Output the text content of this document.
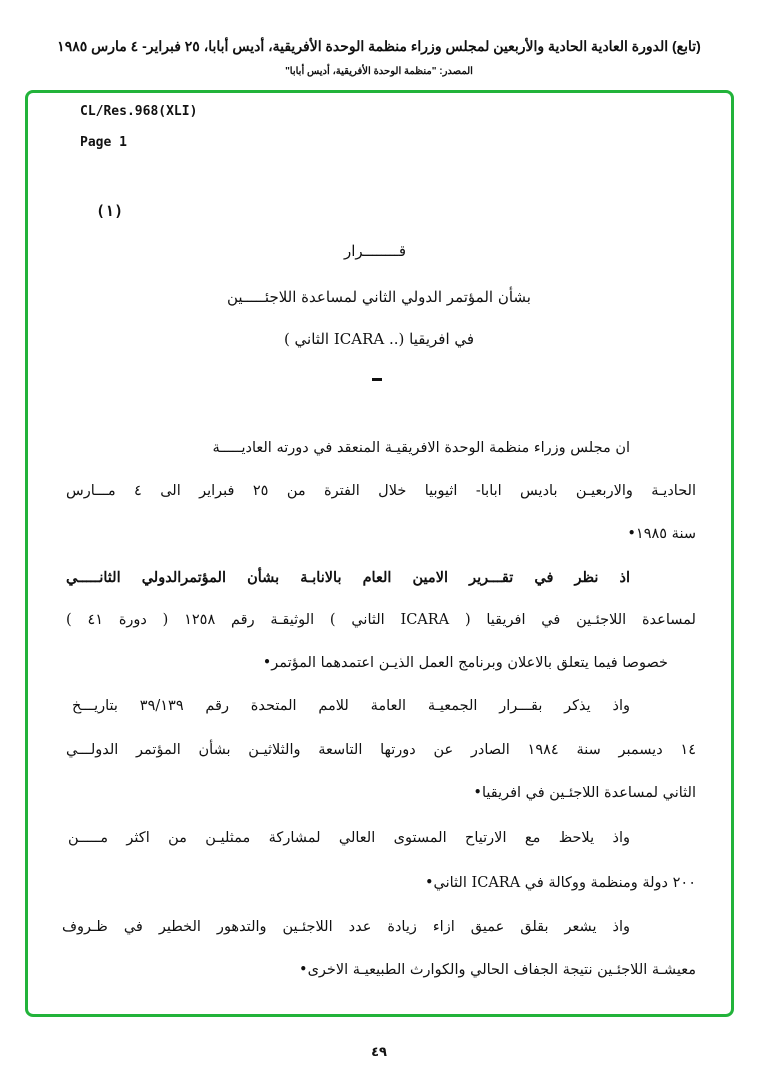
(تابع) الدورة العادية الحادية والأربعين لمجلس وزراء منظمة الوحدة الأفريقية، أديس أبابا، ٢٥ فبراير- ٤ مارس ١٩٨٥
المصدر: "منظمة الوحدة الأفريقية، أديس أبابا"
CL/Res.968(XLI)
Page 1
(١)
قــــــــرار
بشأن المؤتمر الدولي الثاني لمساعدة اللاجئـــــين
في افريقيا (.. ICARA الثاني )
ان مجلس وزراء منظمة الوحدة الافريقيـة المنعقد في دورته العاديـــــة
الحاديـة والاربعيـن باديس ابابا- اثيوبيا خلال الفترة من ٢٥ فبراير الى ٤ مـــارس
سنة ١٩٨٥•
اذ نظر في تقـــرير الامين العام بالانابـة بشأن المؤتمرالدولي الثانـــــي
لمساعدة اللاجئـين في افريقيا ( ICARA الثاني ) الوثيقـة رقم ١٢٥٨ ( دورة ٤١ )
خصوصا فيما يتعلق بالاعلان وبرنامج العمل الذيـن اعتمدهما المؤتمر•
واذ يذكر بقـــرار الجمعيـة العامة للامم المتحدة رقم ٣٩/١٣٩ بتاريـــخ
١٤ ديسمبر سنة ١٩٨٤ الصادر عن دورتها التاسعة والثلاثيـن بشأن المؤتمر الدولـــي
الثاني لمساعدة اللاجئـين في افريقيا•
واذ يلاحظ مع الارتياح المستوى العالي لمشاركة ممثليـن من اكثر مـــــن
٢٠٠ دولة ومنظمة ووكالة في ICARA الثاني•
واذ يشعر بقلق عميق ازاء زيادة عدد اللاجئـين والتدهور الخطير في ظـروف
معيشـة اللاجئـين نتيجة الجفاف الحالي والكوارث الطبيعيـة الاخرى•
٤٩
